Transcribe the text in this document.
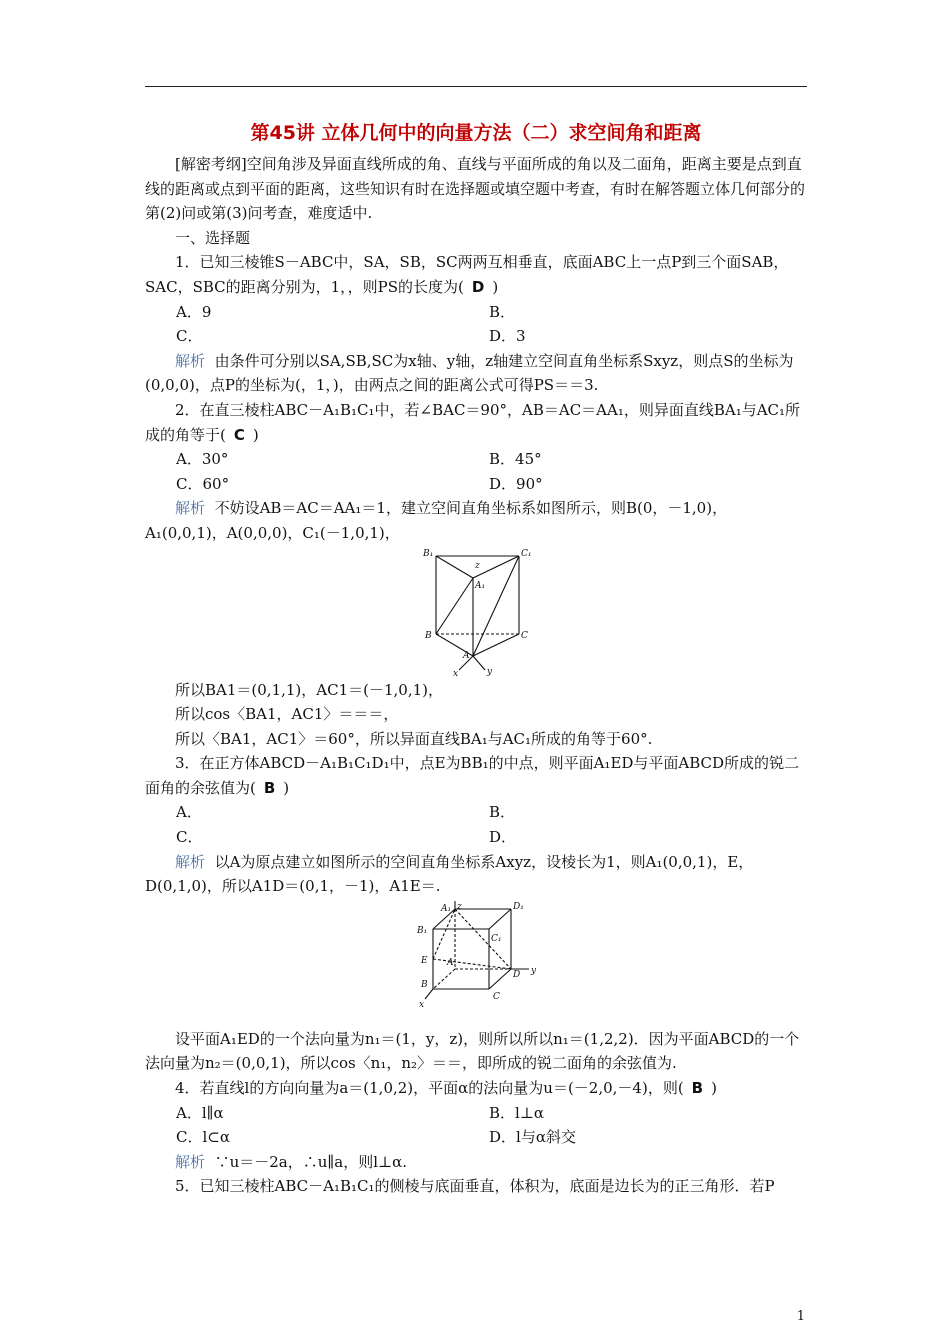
第45讲 立体几何中的向量方法（二）求空间角和距离

[解密考纲]空间角涉及异面直线所成的角、直线与平面所成的角以及二面角，距离主要是点到直线的距离或点到平面的距离，这些知识有时在选择题或填空题中考查，有时在解答题立体几何部分的第(2)问或第(3)问考查，难度适中.

一、选择题

1．已知三棱锥S－ABC中，SA，SB，SC两两互相垂直，底面ABC上一点P到三个面SAB，SAC，SBC的距离分别为，1，，则PS的长度为( D )

A．9	B．
C．	D．3

解析 由条件可分别以SA,SB,SC为x轴、y轴，z轴建立空间直角坐标系Sxyz，则点S的坐标为(0,0,0)，点P的坐标为(，1，)，由两点之间的距离公式可得PS＝＝3.

2．在直三棱柱ABC－A₁B₁C₁中，若∠BAC＝90°，AB＝AC＝AA₁，则异面直线BA₁与AC₁所成的角等于( C )

A．30°	B．45°
C．60°	D．90°

解析 不妨设AB＝AC＝AA₁＝1，建立空间直角坐标系如图所示，则B(0，－1,0)，A₁(0,0,1)，A(0,0,0)，C₁(－1,0,1)，

B₁	C₁
A₁
B	C
A
x	y
z

所以BA1＝(0,1,1)，AC1＝(－1,0,1)，

所以cos〈BA1，AC1〉＝＝＝，

所以〈BA1，AC1〉＝60°，所以异面直线BA₁与AC₁所成的角等于60°.

3．在正方体ABCD－A₁B₁C₁D₁中，点E为BB₁的中点，则平面A₁ED与平面ABCD所成的锐二面角的余弦值为( B )

A．	B．
C．	D．

解析 以A为原点建立如图所示的空间直角坐标系Axyz，设棱长为1，则A₁(0,0,1)，E，D(0,1,0)，所以A1D＝(0,1，－1)，A1E＝.

A₁	D₁
B₁
C₁
A
E
D
B
C
x
y
z

设平面A₁ED的一个法向量为n₁＝(1，y，z)，则所以所以n₁＝(1,2,2)．因为平面ABCD的一个法向量为n₂＝(0,0,1)，所以cos〈n₁，n₂〉＝＝，即所成的锐二面角的余弦值为.

4．若直线l的方向向量为a＝(1,0,2)，平面α的法向量为u＝(－2,0,－4)，则( B )

A．l∥α	B．l⊥α
C．l⊂α	D．l与α斜交

解析 ∵u＝－2a，∴u∥a，则l⊥α.

5．已知三棱柱ABC－A₁B₁C₁的侧棱与底面垂直，体积为，底面是边长为的正三角形．若P

1
